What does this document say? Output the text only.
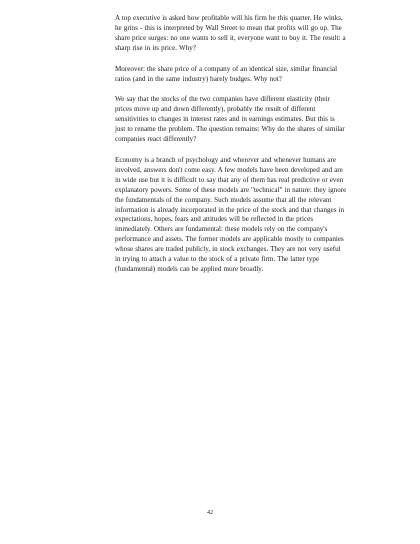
A top executive is asked how profitable will his firm be this quarter. He winks, he grins - this is interpreted by Wall Street to mean that profits will go up. The share price surges: no one wants to sell it, everyone want to buy it. The result: a sharp rise in its price. Why?

Moreover: the share price of a company of an identical size, similar financial ratios (and in the same industry) barely budges. Why not?

We say that the stocks of the two companies have different elasticity (their prices move up and down differently), probably the result of different sensitivities to changes in interest rates and in earnings estimates. But this is just to rename the problem. The question remains: Why do the shares of similar companies react differently?

Economy is a branch of psychology and wherever and whenever humans are involved, answers don't come easy. A few models have been developed and are in wide use but it is difficult to say that any of them has real predictive or even explanatory powers. Some of these models are "technical" in nature: they ignore the fundamentals of the company. Such models assume that all the relevant information is already incorporated in the price of the stock and that changes in expectations, hopes, fears and attitudes will be reflected in the prices immediately. Others are fundamental: these models rely on the company's performance and assets. The former models are applicable mostly to companies whose shares are traded publicly, in stock exchanges. They are not very useful in trying to attach a value to the stock of a private firm. The latter type (fundamental) models can be applied more broadly.

42
